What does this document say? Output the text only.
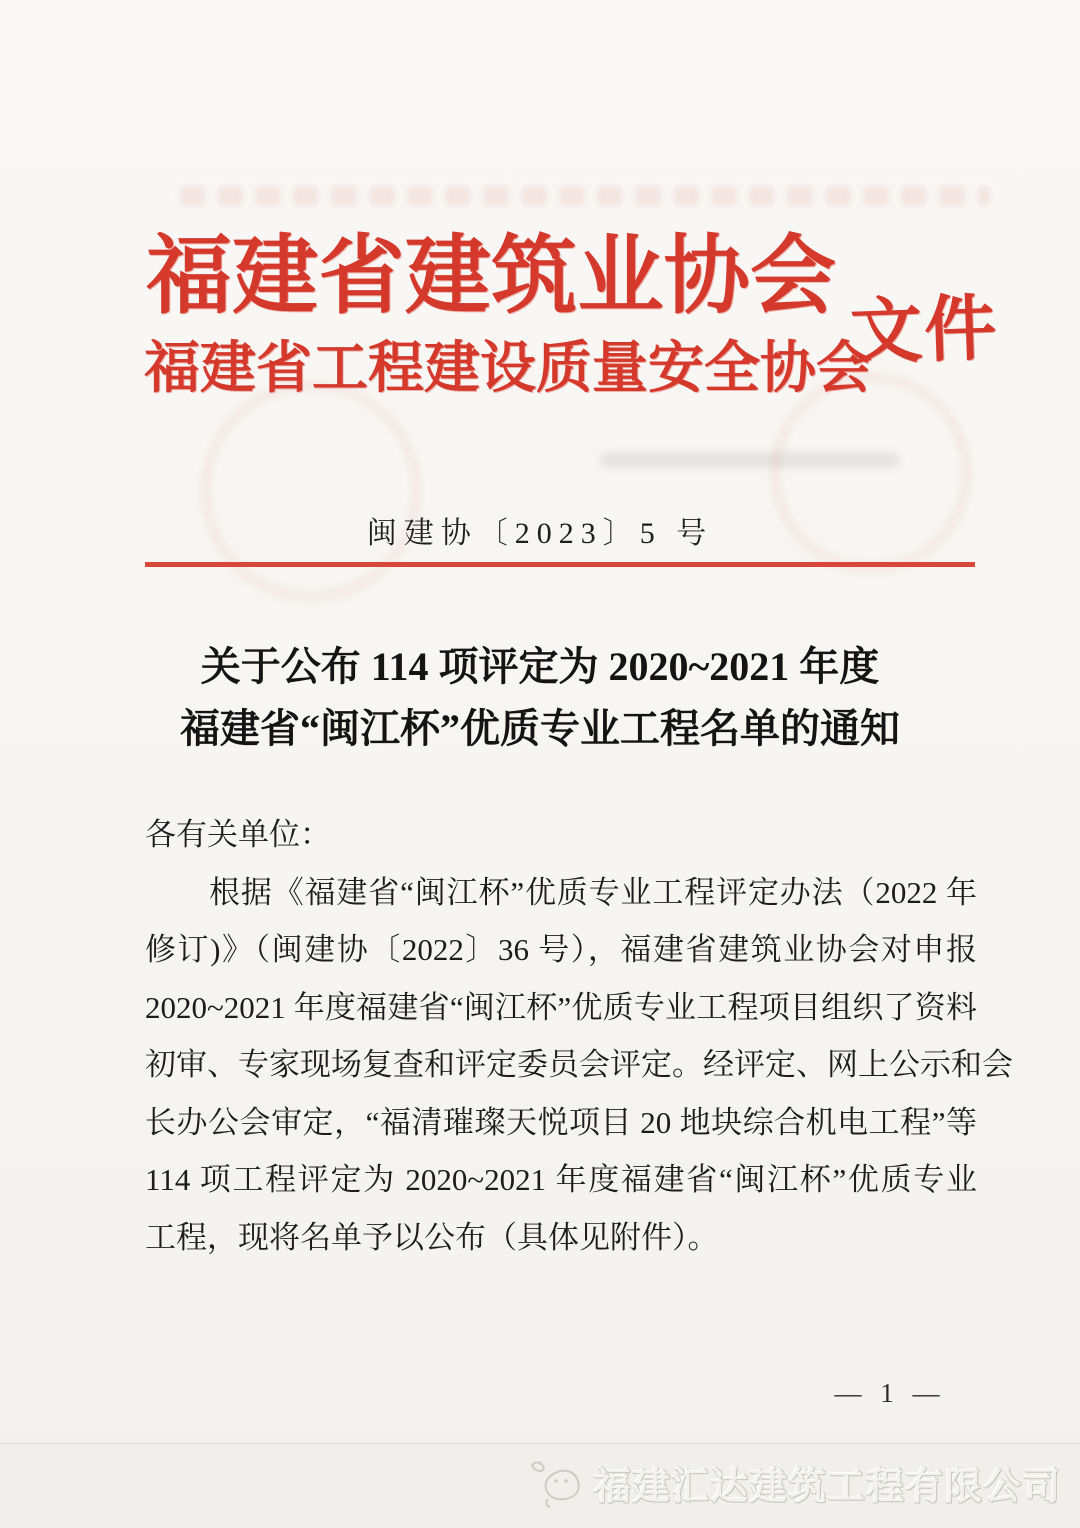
福建省建筑业协会
福建省工程建设质量安全协会
文件
闽建协〔2023〕5 号
关于公布 114 项评定为 2020~2021 年度
福建省“闽江杯”优质专业工程名单的通知
各有关单位：
根据《福建省“闽江杯”优质专业工程评定办法（2022 年
修订)》（闽建协〔2022〕36 号），福建省建筑业协会对申报
2020~2021 年度福建省“闽江杯”优质专业工程项目组织了资料
初审、专家现场复查和评定委员会评定。经评定、网上公示和会
长办公会审定，“福清璀璨天悦项目 20 地块综合机电工程”等
114 项工程评定为 2020~2021 年度福建省“闽江杯”优质专业
工程，现将名单予以公布（具体见附件）。
— 1 —
福建汇达建筑工程有限公司
